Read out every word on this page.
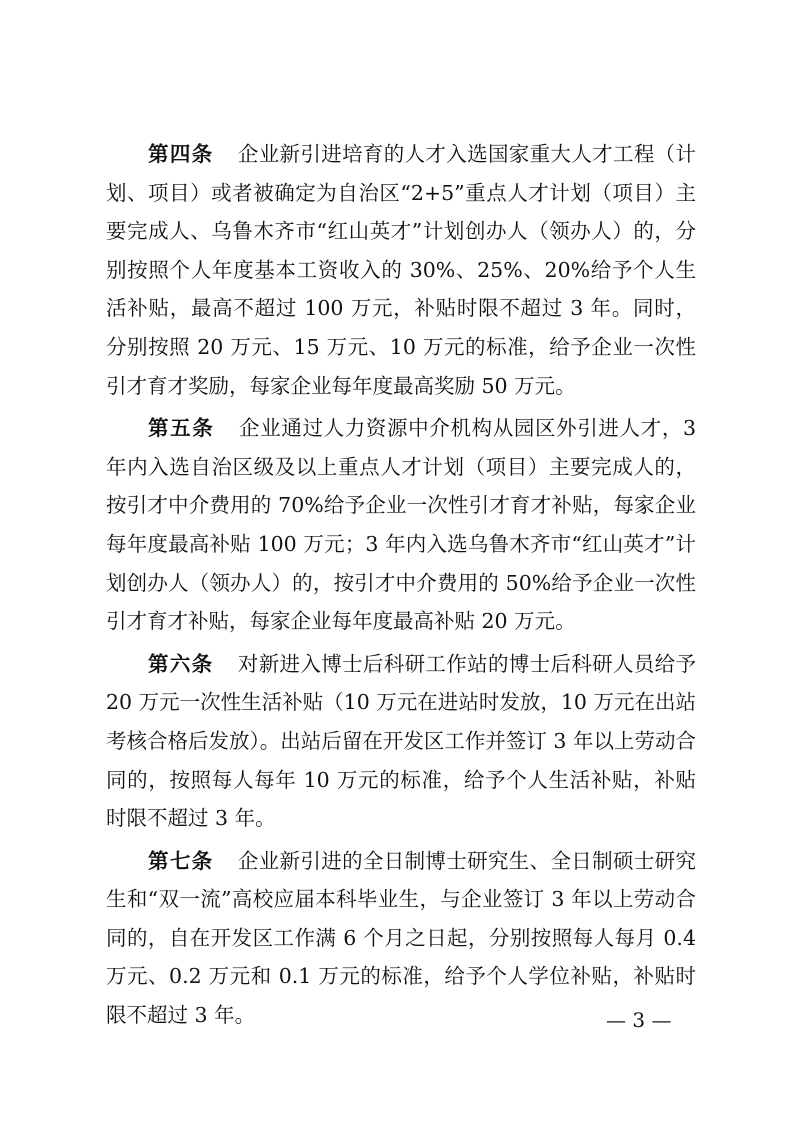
第四条 企业新引进培育的人才入选国家重大人才工程（计划、项目）或者被确定为自治区“2+5”重点人才计划（项目）主要完成人、乌鲁木齐市“红山英才”计划创办人（领办人）的，分别按照个人年度基本工资收入的 30%、25%、20%给予个人生活补贴，最高不超过 100 万元，补贴时限不超过 3 年。同时，分别按照 20 万元、15 万元、10 万元的标准，给予企业一次性引才育才奖励，每家企业每年度最高奖励 50 万元。

第五条 企业通过人力资源中介机构从园区外引进人才，3 年内入选自治区级及以上重点人才计划（项目）主要完成人的，按引才中介费用的 70%给予企业一次性引才育才补贴，每家企业每年度最高补贴 100 万元；3 年内入选乌鲁木齐市“红山英才”计划创办人（领办人）的，按引才中介费用的 50%给予企业一次性引才育才补贴，每家企业每年度最高补贴 20 万元。

第六条 对新进入博士后科研工作站的博士后科研人员给予 20 万元一次性生活补贴（10 万元在进站时发放，10 万元在出站考核合格后发放）。出站后留在开发区工作并签订 3 年以上劳动合同的，按照每人每年 10 万元的标准，给予个人生活补贴，补贴时限不超过 3 年。

第七条 企业新引进的全日制博士研究生、全日制硕士研究生和“双一流”高校应届本科毕业生，与企业签订 3 年以上劳动合同的，自在开发区工作满 6 个月之日起，分别按照每人每月 0.4 万元、0.2 万元和 0.1 万元的标准，给予个人学位补贴，补贴时限不超过 3 年。	— 3 —
